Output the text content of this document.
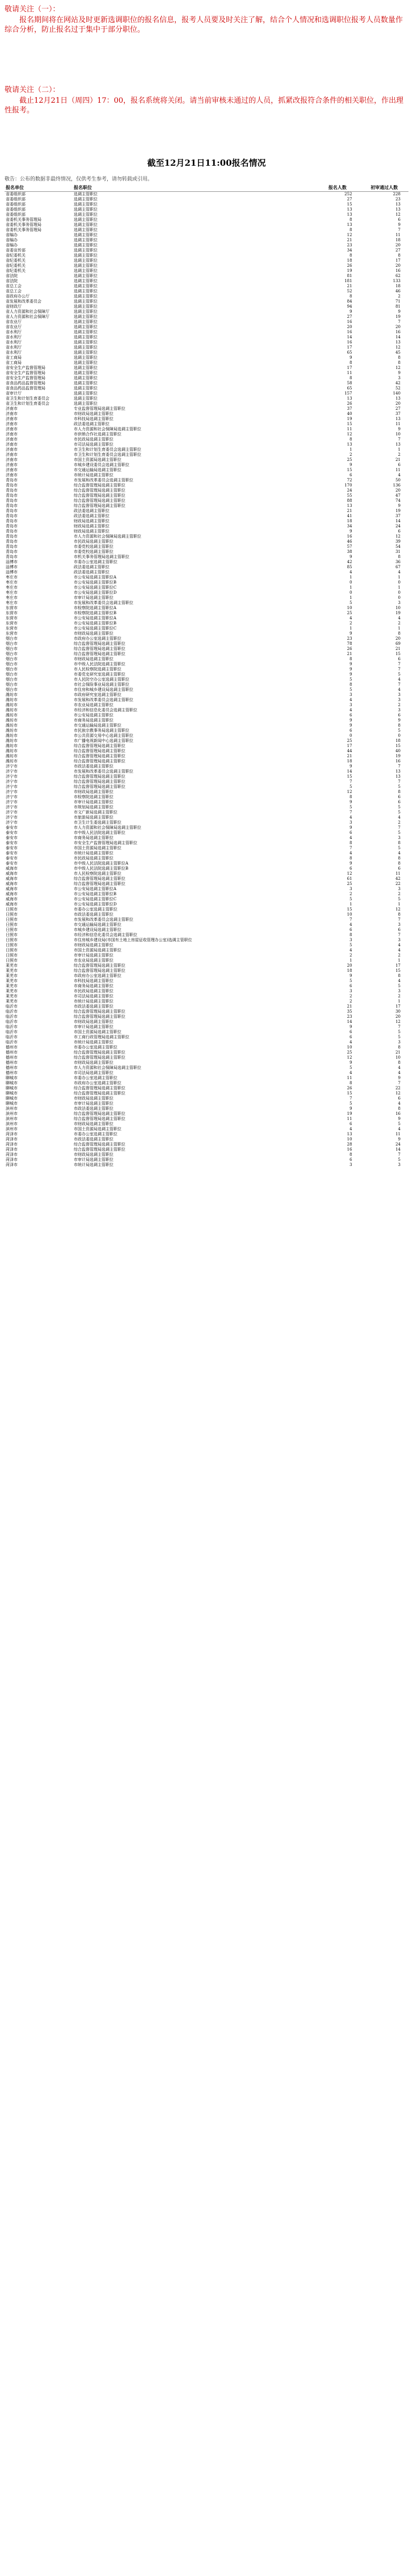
敬请关注（一）：
报名期间将在网站及时更新选调职位的报名信息，报考人员要及时关注了解，结合个人情况和选调职位报考人员数量作综合分析，防止报名过于集中于部分职位。
敬请关注（二）：
截止12月21日（周四）17：00，报名系统将关闭。请当前审核未通过的人员，抓紧改报符合条件的相关职位，作出理性报考。
截至12月21日11:00报名情况
敬告：公布的数据非最终情况，仅供考生参考，请勿转载或引用。
报名单位	报名职位	报名人数	初审通过人数
省委组织部	选调主管职位	252	228
省委组织部	选调主管职位	27	23
省委组织部	选调主管职位	15	13
省委组织部	选调主管职位	13	13
省委组织部	选调主管职位	13	12
省委机关事务管理局	选调主管职位	8	6
省委机关事务管理局	选调主管职位	13	9
省委机关事务管理局	选调主管职位	8	7
省编办	选调主管职位	12	11
省编办	选调主管职位	21	18
省编办	选调主管职位	23	20
省委宣传部	选调主管职位	34	27
省纪委机关	选调主管职位	8	8
省纪委机关	选调主管职位	18	17
省纪委机关	选调主管职位	26	20
省纪委机关	选调主管职位	19	16
省法院	选调主管职位	81	62
省法院	选调主管职位	181	133
省总工会	选调主管职位	21	18
省总工会	选调主管职位	52	46
省政府办公厅	选调主管职位	8	2
省发展和改革委员会	选调主管职位	84	71
省财政厅	选调主管职位	94	81
省人力资源和社会保障厅	选调主管职位	9	9
省人力资源和社会保障厅	选调主管职位	27	19
省农业厅	选调主管职位	16	7
省农业厅	选调主管职位	20	20
省水利厅	选调主管职位	16	16
省水利厅	选调主管职位	14	14
省水利厅	选调主管职位	16	13
省水利厅	选调主管职位	17	12
省水利厅	选调主管职位	65	45
省工商局	选调主管职位	9	8
省工商局	选调主管职位	8	8
省安全生产监督管理局	选调主管职位	17	12
省安全生产监督管理局	选调主管职位	11	9
省安全生产监督管理局	选调主管职位	8	3
省食品药品监督管理局	选调主管职位	58	42
省食品药品监督管理局	选调主管职位	65	52
省审计厅	选调主管职位	157	140
省卫生和计划生育委员会	选调主管职位	13	13
省卫生和计划生育委员会	选调主管职位	26	20
济南市	专业监督管理局选调主管职位	37	27
济南市	市财政局选调主管职位	40	37
济南市	市科技局选调主管职位	19	13
济南市	政法委选调主管职位	15	11
济南市	市人力资源和社会保障局选调主管职位	11	9
济南市	市供销合作社选调主管职位	12	10
济南市	市民政局选调主管职位	8	7
济南市	市司法局选调主管职位	13	13
济南市	市卫生和计划生育委员会选调主管职位	1	1
济南市	市卫生和计划生育委员会选调主管职位	2	2
济南市	市国土资源局选调主管职位	25	21
济南市	市城乡建设委员会选调主管职位	9	6
济南市	市交通运输局选调主管职位	15	11
济南市	市统计局选调主管职位	6	4
青岛市	市发展和改革委员会选调主管职位	72	50
青岛市	综合监督管理局选调主管职位	170	136
青岛市	综合监督管理局选调主管职位	24	20
青岛市	综合监督管理局选调主管职位	55	47
青岛市	综合监督管理局选调主管职位	88	74
青岛市	综合监督管理局选调主管职位	13	9
青岛市	政法委选调主管职位	21	19
青岛市	政法委选调主管职位	41	37
青岛市	财政局选调主管职位	18	14
青岛市	财政局选调主管职位	34	24
青岛市	财政局选调主管职位	9	6
青岛市	市人力资源和社会保障局选调主管职位	16	12
青岛市	市民政局选调主管职位	46	39
青岛市	市委党校选调主管职位	57	54
青岛市	市委党校选调主管职位	38	31
青岛市	市机关事务管理局选调主管职位	9	8
淄博市	市委办公室选调主管职位	42	36
淄博市	政法委选调主管职位	85	67
淄博市	政法委选调主管职位	4	4
枣庄市	市公安局选调主管职位A	1	1
枣庄市	市公安局选调主管职位B	0	0
枣庄市	市公安局选调主管职位C	1	1
枣庄市	市公安局选调主管职位D	0	0
枣庄市	市审计局选调主管职位	1	0
枣庄市	市发展和改革委员会选调主管职位	5	3
东营市	市检察院选调主管职位A	10	10
东营市	市检察院选调主管职位B	25	19
东营市	市公安局选调主管职位A	4	4
东营市	市公安局选调主管职位B	2	2
东营市	市公安局选调主管职位C	1	1
东营市	市财政局选调主管职位	9	8
烟台市	市政府办公室选调主管职位	23	20
烟台市	综合监督管理局选调主管职位	78	69
烟台市	综合监督管理局选调主管职位	26	21
烟台市	综合监督管理局选调主管职位	21	15
烟台市	市财政局选调主管职位	8	6
烟台市	市中级人民法院选调主管职位	9	7
烟台市	市人民检察院选调主管职位	9	7
烟台市	市委党史研究室选调主管职位	9	5
烟台市	市人民防空办公室选调主管职位	5	4
烟台市	市社会保险事业局选调主管职位	8	7
烟台市	市住房和城乡建设局选调主管职位	5	4
潍坊市	市政府研究室选调主管职位	3	3
潍坊市	市发展和改革委员会选调主管职位	4	3
潍坊市	市农业局选调主管职位	3	2
潍坊市	市经济和信息化委员会选调主管职位	4	3
潍坊市	市公安局选调主管职位	6	6
潍坊市	市商务局选调主管职位	9	9
潍坊市	市交通运输局选调主管职位	9	8
潍坊市	市民族宗教事务局选调主管职位	6	5
潍坊市	市公共资源交易中心选调主管职位	0	0
潍坊市	市广播电视新闻中心选调主管职位	25	18
潍坊市	综合监督管理局选调主管职位	17	15
潍坊市	综合监督管理局选调主管职位	44	40
潍坊市	综合监督管理局选调主管职位	21	19
潍坊市	综合监督管理局选调主管职位	18	16
济宁市	市政法委选调主管职位	9	7
济宁市	市发展和改革委员会选调主管职位	14	13
济宁市	综合监督管理局选调主管职位	15	13
济宁市	综合监督管理局选调主管职位	7	7
济宁市	综合监督管理局选调主管职位	5	5
济宁市	市财政局选调主管职位	12	8
济宁市	市检察院选调主管职位	8	6
济宁市	市审计局选调主管职位	9	6
济宁市	市规划局选调主管职位	5	5
济宁市	市文广新局选调主管职位	7	5
济宁市	市旅游局选调主管职位	4	4
济宁市	市卫生计生委选调主管职位	3	2
泰安市	市人力资源和社会保障局选调主管职位	9	7
泰安市	市中级人民法院选调主管职位	6	5
泰安市	市商务局选调主管职位	4	3
泰安市	市安全生产监督管理局选调主管职位	8	8
泰安市	市国土资源局选调主管职位	7	5
泰安市	市统计局选调主管职位	4	4
泰安市	市民政局选调主管职位	8	8
泰安市	市中级人民法院选调主管职位A	9	8
威海市	市中级人民法院选调主管职位B	6	6
威海市	市人民检察院选调主管职位	12	11
威海市	综合监督管理局选调主管职位	61	42
威海市	综合监督管理局选调主管职位	25	22
威海市	市公安局选调主管职位A	3	3
威海市	市公安局选调主管职位B	2	2
威海市	市公安局选调主管职位C	5	5
威海市	市公安局选调主管职位D	1	1
日照市	市委办公室选调主管职位	15	12
日照市	市政法委选调主管职位	10	8
日照市	市发展和改革委员会选调主管职位	7	7
日照市	市交通运输局选调主管职位	4	3
日照市	市城乡建设局选调主管职位	6	6
日照市	市经济和信息化委员会选调主管职位	8	7
日照市	市住房城乡建设局(市国有土地上房屋征收管理办公室)选调主管职位	3	3
日照市	市财政局选调主管职位	5	4
日照市	市国土资源局选调主管职位	4	4
日照市	市审计局选调主管职位	2	2
日照市	市农业局选调主管职位	1	1
莱芜市	综合监督管理局选调主管职位	20	17
莱芜市	综合监督管理局选调主管职位	18	15
莱芜市	市政府办公室选调主管职位	9	8
莱芜市	市科技局选调主管职位	5	4
莱芜市	市商务局选调主管职位	6	5
莱芜市	市民政局选调主管职位	3	3
莱芜市	市司法局选调主管职位	2	2
莱芜市	市统计局选调主管职位	2	1
临沂市	市政法委选调主管职位	21	17
临沂市	综合监督管理局选调主管职位	35	30
临沂市	综合监督管理局选调主管职位	23	20
临沂市	市财政局选调主管职位	14	12
临沂市	市审计局选调主管职位	9	7
临沂市	市国土资源局选调主管职位	6	5
临沂市	市工商行政管理局选调主管职位	6	5
临沂市	市统计局选调主管职位	4	3
德州市	市委办公室选调主管职位	10	8
德州市	综合监督管理局选调主管职位	25	21
德州市	综合监督管理局选调主管职位	12	10
德州市	市财政局选调主管职位	9	8
德州市	市人力资源和社会保障局选调主管职位	5	4
德州市	市司法局选调主管职位	4	4
聊城市	市委办公室选调主管职位	11	9
聊城市	市政府办公室选调主管职位	8	7
聊城市	综合监督管理局选调主管职位	26	22
聊城市	综合监督管理局选调主管职位	15	12
聊城市	市财政局选调主管职位	7	6
聊城市	市审计局选调主管职位	5	4
滨州市	市政法委选调主管职位	9	8
滨州市	综合监督管理局选调主管职位	19	16
滨州市	综合监督管理局选调主管职位	11	9
滨州市	市财政局选调主管职位	6	5
滨州市	市国土资源局选调主管职位	4	4
菏泽市	市委办公室选调主管职位	13	11
菏泽市	市政法委选调主管职位	10	9
菏泽市	综合监督管理局选调主管职位	28	24
菏泽市	综合监督管理局选调主管职位	16	14
菏泽市	市财政局选调主管职位	8	7
菏泽市	市审计局选调主管职位	6	5
菏泽市	市统计局选调主管职位	3	3
